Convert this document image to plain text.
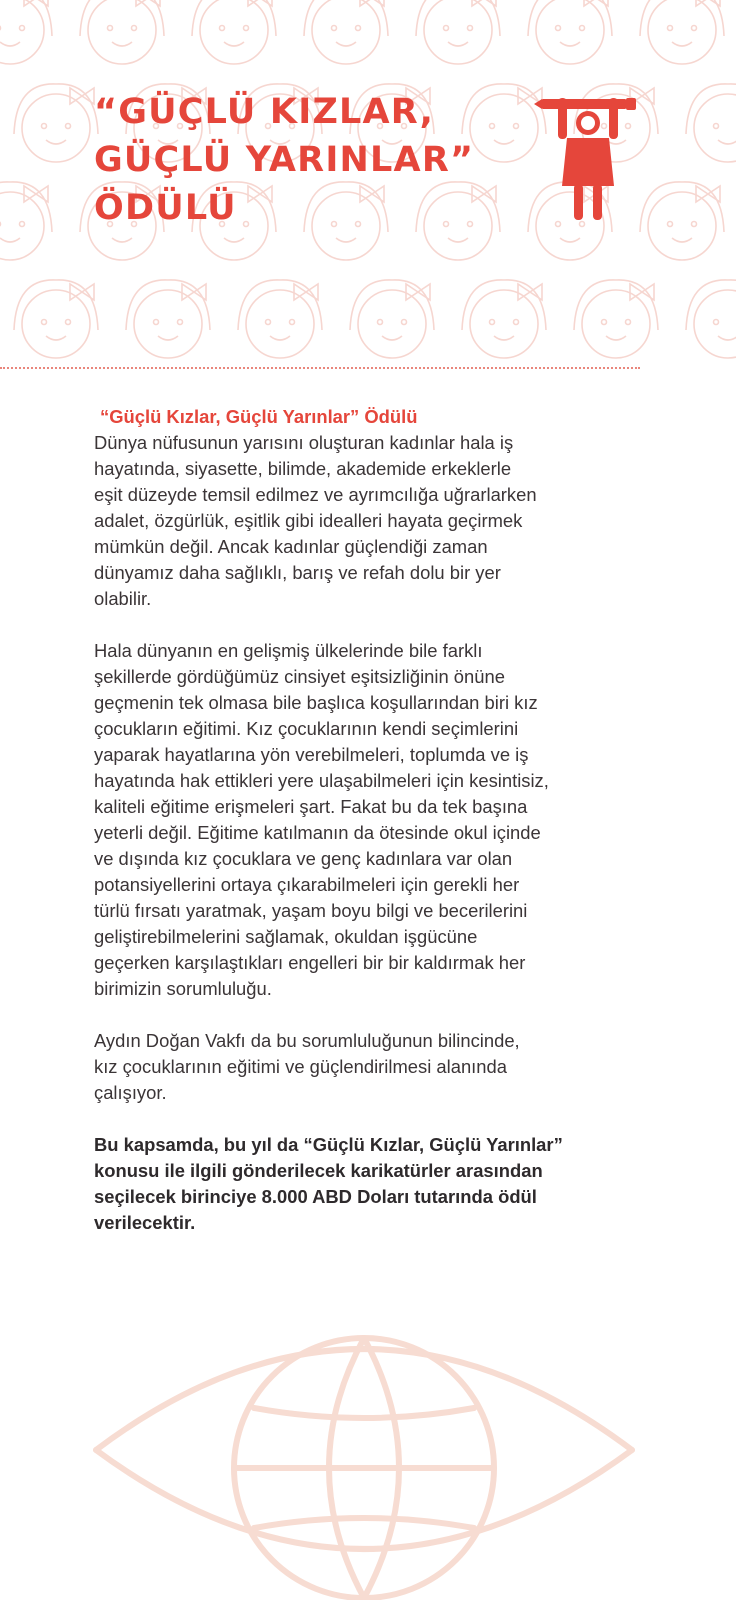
“GÜÇLÜ KIZLAR,
GÜÇLÜ YARINLAR”
ÖDÜLÜ

“Güçlü Kızlar, Güçlü Yarınlar” Ödülü
Dünya nüfusunun yarısını oluşturan kadınlar hala iş
hayatında, siyasette, bilimde, akademide erkeklerle
eşit düzeyde temsil edilmez ve ayrımcılığa uğrarlarken
adalet, özgürlük, eşitlik gibi idealleri hayata geçirmek
mümkün değil. Ancak kadınlar güçlendiği zaman
dünyamız daha sağlıklı, barış ve refah dolu bir yer
olabilir.

Hala dünyanın en gelişmiş ülkelerinde bile farklı
şekillerde gördüğümüz cinsiyet eşitsizliğinin önüne
geçmenin tek olmasa bile başlıca koşullarından biri kız
çocukların eğitimi. Kız çocuklarının kendi seçimlerini
yaparak hayatlarına yön verebilmeleri, toplumda ve iş
hayatında hak ettikleri yere ulaşabilmeleri için kesintisiz,
kaliteli eğitime erişmeleri şart. Fakat bu da tek başına
yeterli değil. Eğitime katılmanın da ötesinde okul içinde
ve dışında kız çocuklara ve genç kadınlara var olan
potansiyellerini ortaya çıkarabilmeleri için gerekli her
türlü fırsatı yaratmak, yaşam boyu bilgi ve becerilerini
geliştirebilmelerini sağlamak, okuldan işgücüne
geçerken karşılaştıkları engelleri bir bir kaldırmak her
birimizin sorumluluğu.

Aydın Doğan Vakfı da bu sorumluluğunun bilincinde,
kız çocuklarının eğitimi ve güçlendirilmesi alanında
çalışıyor.

Bu kapsamda, bu yıl da “Güçlü Kızlar, Güçlü Yarınlar”
konusu ile ilgili gönderilecek karikatürler arasından
seçilecek birinciye 8.000 ABD Doları tutarında ödül
verilecektir.
